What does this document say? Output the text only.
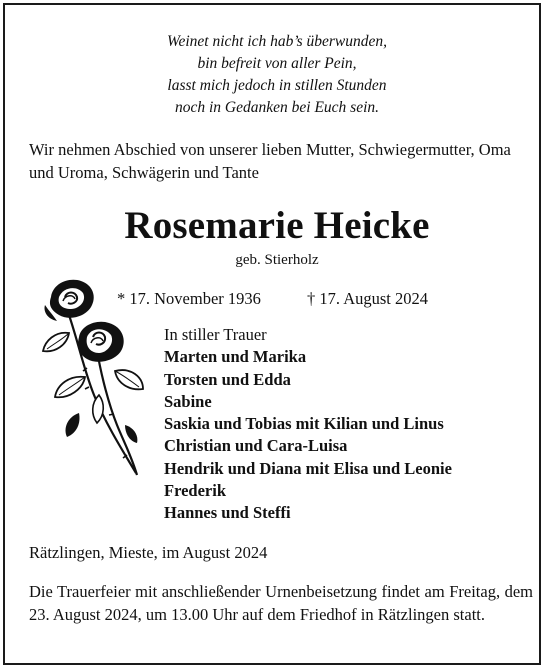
Weinet nicht ich hab’s überwunden,
bin befreit von aller Pein,
lasst mich jedoch in stillen Stunden
noch in Gedanken bei Euch sein.
Wir nehmen Abschied von unserer lieben Mutter, Schwiegermutter, Oma und Uroma, Schwägerin und Tante
Rosemarie Heicke
geb. Stierholz
* 17. November 1936	† 17. August 2024
In stiller Trauer
Marten und Marika
Torsten und Edda
Sabine
Saskia und Tobias mit Kilian und Linus
Christian und Cara-Luisa
Hendrik und Diana mit Elisa und Leonie
Frederik
Hannes und Steffi
Rätzlingen, Mieste, im August 2024
Die Trauerfeier mit anschließender Urnenbeisetzung findet am Freitag, dem 23. August 2024, um 13.00 Uhr auf dem Friedhof in Rätzlingen statt.
